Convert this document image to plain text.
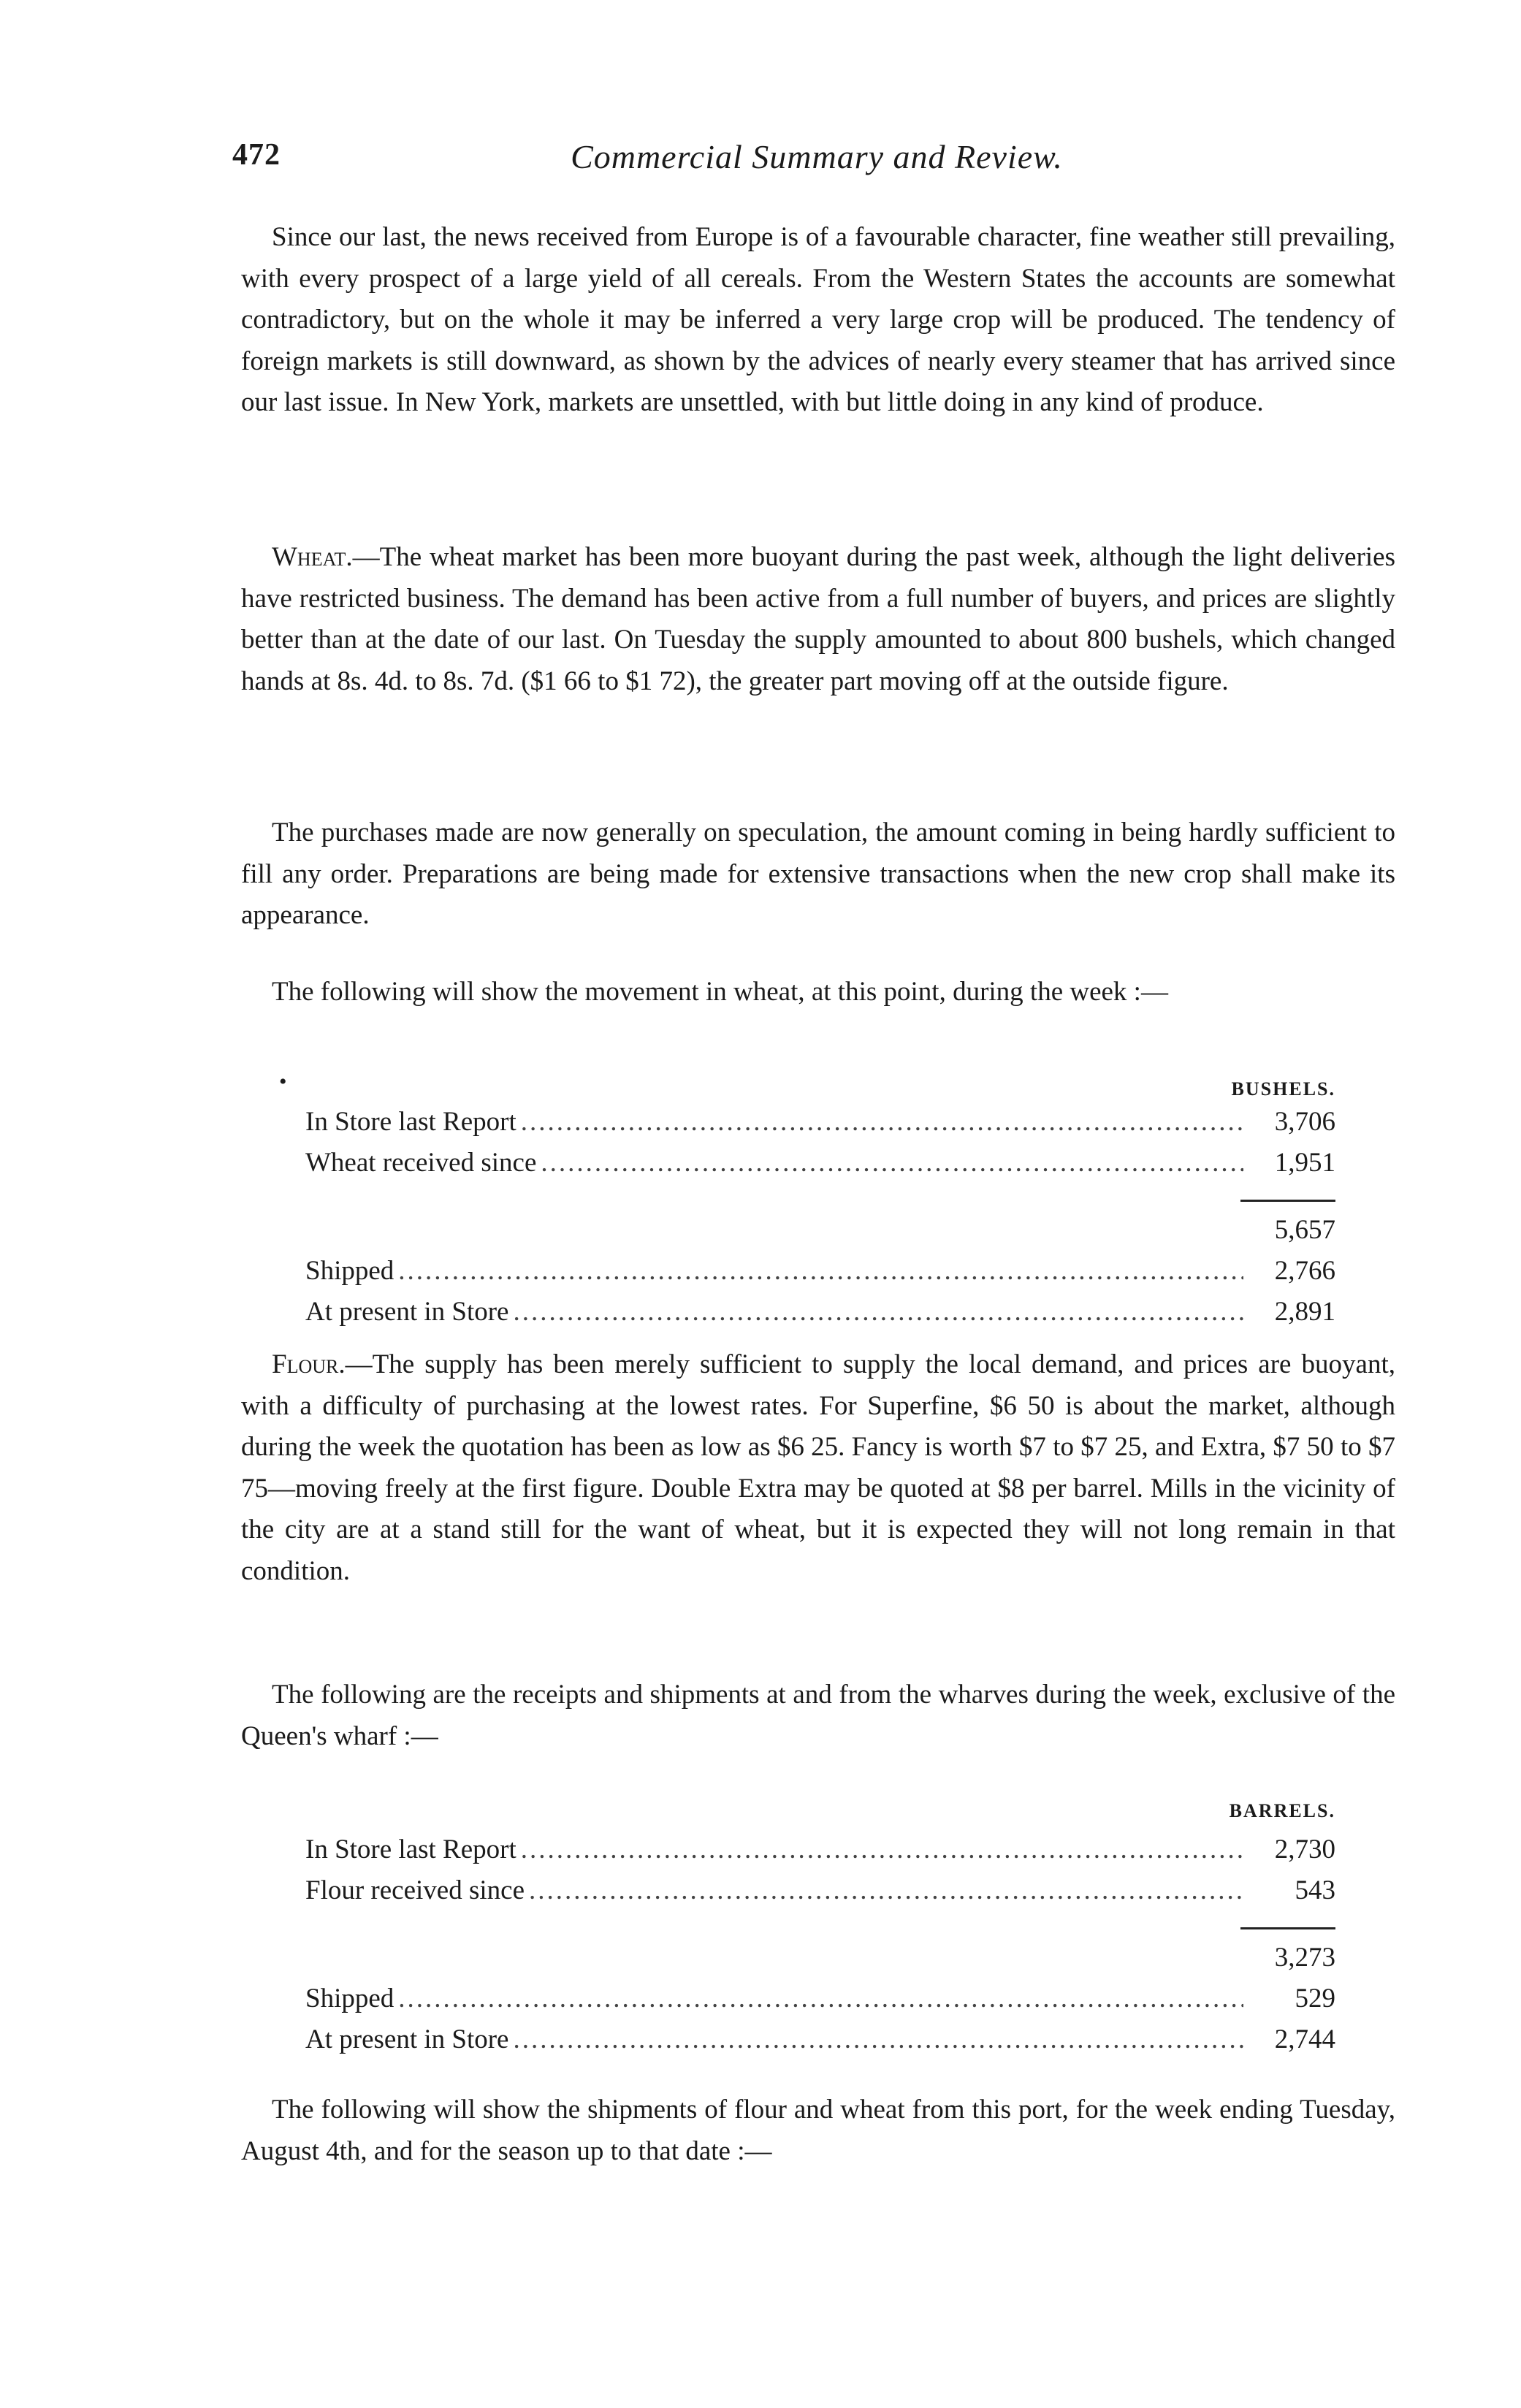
472	Commercial Summary and Review.

Since our last, the news received from Europe is of a favourable character, fine weather still prevailing, with every prospect of a large yield of all cereals. From the Western States the accounts are somewhat contradictory, but on the whole it may be inferred a very large crop will be produced. The tendency of foreign markets is still downward, as shown by the advices of nearly every steamer that has arrived since our last issue. In New York, markets are unsettled, with but little doing in any kind of produce.

Wheat.—The wheat market has been more buoyant during the past week, although the light deliveries have restricted business. The demand has been active from a full number of buyers, and prices are slightly better than at the date of our last. On Tuesday the supply amounted to about 800 bushels, which changed hands at 8s. 4d. to 8s. 7d. ($1 66 to $1 72), the greater part moving off at the outside figure.

The purchases made are now generally on speculation, the amount coming in being hardly sufficient to fill any order. Preparations are being made for extensive transactions when the new crop shall make its appearance.

The following will show the movement in wheat, at this point, during the week :—

•	BUSHELS.
In Store last Report .....	3,706
Wheat received since .....	1,951
5,657
Shipped .....	2,766
At present in Store .....	2,891

Flour.—The supply has been merely sufficient to supply the local demand, and prices are buoyant, with a difficulty of purchasing at the lowest rates. For Superfine, $6 50 is about the market, although during the week the quotation has been as low as $6 25. Fancy is worth $7 to $7 25, and Extra, $7 50 to $7 75—moving freely at the first figure. Double Extra may be quoted at $8 per barrel. Mills in the vicinity of the city are at a stand still for the want of wheat, but it is expected they will not long remain in that condition.

The following are the receipts and shipments at and from the wharves during the week, exclusive of the Queen's wharf :—

BARRELS.
In Store last Report .....	2,730
Flour received since .....	543
3,273
Shipped .....	529
At present in Store .....	2,744

The following will show the shipments of flour and wheat from this port, for the week ending Tuesday, August 4th, and for the season up to that date :—
